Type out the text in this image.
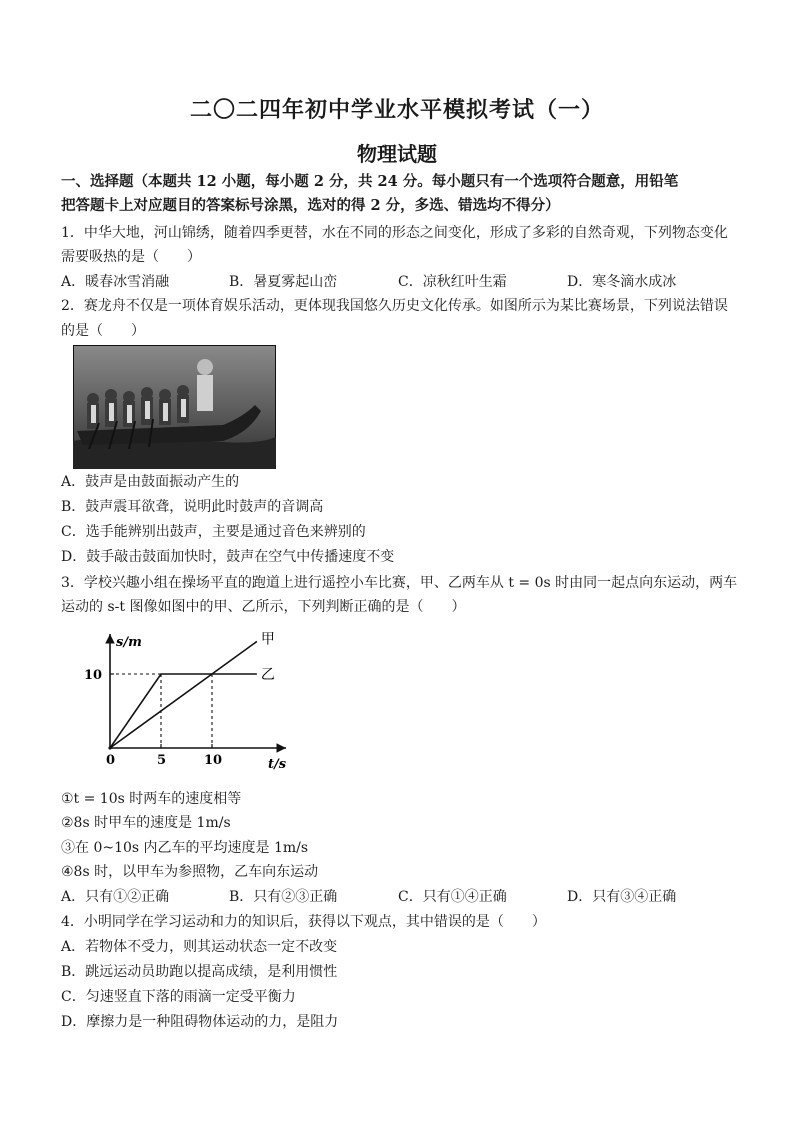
二〇二四年初中学业水平模拟考试（一）
物理试题
一、选择题（本题共 12 小题，每小题 2 分，共 24 分。每小题只有一个选项符合题意，用铅笔
把答题卡上对应题目的答案标号涂黑，选对的得 2 分，多选、错选均不得分）
1．中华大地，河山锦绣，随着四季更替，水在不同的形态之间变化，形成了多彩的自然奇观，下列物态变化
需要吸热的是（　　）
A．暖春冰雪消融	B．暑夏雾起山峦	C．凉秋红叶生霜	D．寒冬滴水成冰
2．赛龙舟不仅是一项体育娱乐活动，更体现我国悠久历史文化传承。如图所示为某比赛场景，下列说法错误
的是（　　）
A．鼓声是由鼓面振动产生的
B．鼓声震耳欲聋，说明此时鼓声的音调高
C．选手能辨别出鼓声，主要是通过音色来辨别的
D．鼓手敲击鼓面加快时，鼓声在空气中传播速度不变
3．学校兴趣小组在操场平直的跑道上进行遥控小车比赛，甲、乙两车从 t = 0s 时由同一起点向东运动，两车
运动的 s-t 图像如图中的甲、乙所示，下列判断正确的是（　　）
甲
乙
0	5	10
10
s/m
t/s
①t = 10s 时两车的速度相等
②8s 时甲车的速度是 1m/s
③在 0~10s 内乙车的平均速度是 1m/s
④8s 时，以甲车为参照物，乙车向东运动
A．只有①②正确	B．只有②③正确	C．只有①④正确	D．只有③④正确
4．小明同学在学习运动和力的知识后，获得以下观点，其中错误的是（　　）
A．若物体不受力，则其运动状态一定不改变
B．跳远运动员助跑以提高成绩，是利用惯性
C．匀速竖直下落的雨滴一定受平衡力
D．摩擦力是一种阻碍物体运动的力，是阻力
